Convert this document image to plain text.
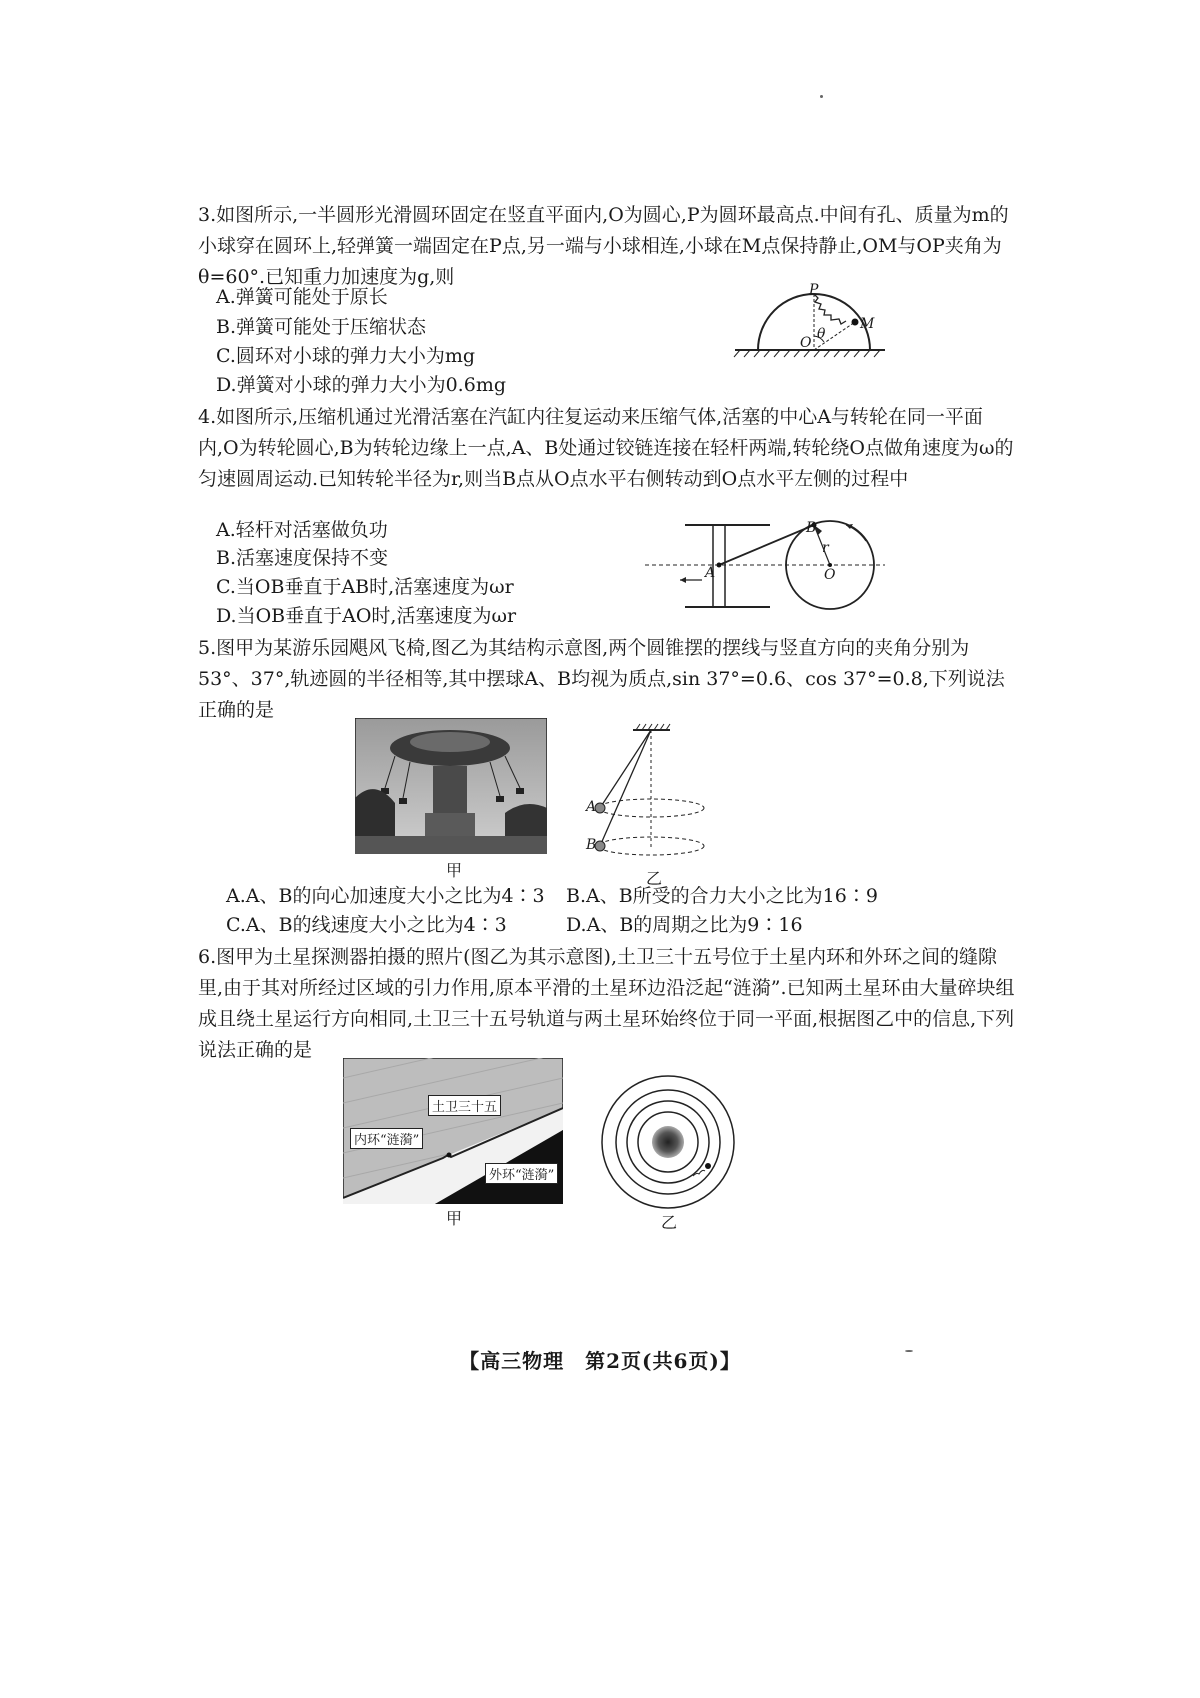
3.如图所示,一半圆形光滑圆环固定在竖直平面内,O为圆心,P为圆环最高点.中间有孔、质量为m的小球穿在圆环上,轻弹簧一端固定在P点,另一端与小球相连,小球在M点保持静止,OM与OP夹角为θ=60°.已知重力加速度为g,则

A.弹簧可能处于原长
B.弹簧可能处于压缩状态
C.圆环对小球的弹力大小为mg
D.弹簧对小球的弹力大小为0.6mg
P
M
O
θ

4.如图所示,压缩机通过光滑活塞在汽缸内往复运动来压缩气体,活塞的中心A与转轮在同一平面内,O为转轮圆心,B为转轮边缘上一点,A、B处通过铰链连接在轻杆两端,转轮绕O点做角速度为ω的匀速圆周运动.已知转轮半径为r,则当B点从O点水平右侧转动到O点水平左侧的过程中

A.轻杆对活塞做负功
B.活塞速度保持不变
C.当OB垂直于AB时,活塞速度为ωr
D.当OB垂直于AO时,活塞速度为ωr
A
B
r
O

5.图甲为某游乐园飓风飞椅,图乙为其结构示意图,两个圆锥摆的摆线与竖直方向的夹角分别为53°、37°,轨迹圆的半径相等,其中摆球A、B均视为质点,sin 37°=0.6、cos 37°=0.8,下列说法正确的是

甲
A
B
乙
A.A、B的向心加速度大小之比为4∶3 B.A、B所受的合力大小之比为16∶9
C.A、B的线速度大小之比为4∶3	D.A、B的周期之比为9∶16

6.图甲为土星探测器拍摄的照片(图乙为其示意图),土卫三十五号位于土星内环和外环之间的缝隙里,由于其对所经过区域的引力作用,原本平滑的土星环边沿泛起“涟漪”.已知两土星环由大量碎块组成且绕土星运行方向相同,土卫三十五号轨道与两土星环始终位于同一平面,根据图乙中的信息,下列说法正确的是

土卫三十五
内环“涟漪”
外环“涟漪”
甲	乙
【高三物理　第2页(共6页)】
